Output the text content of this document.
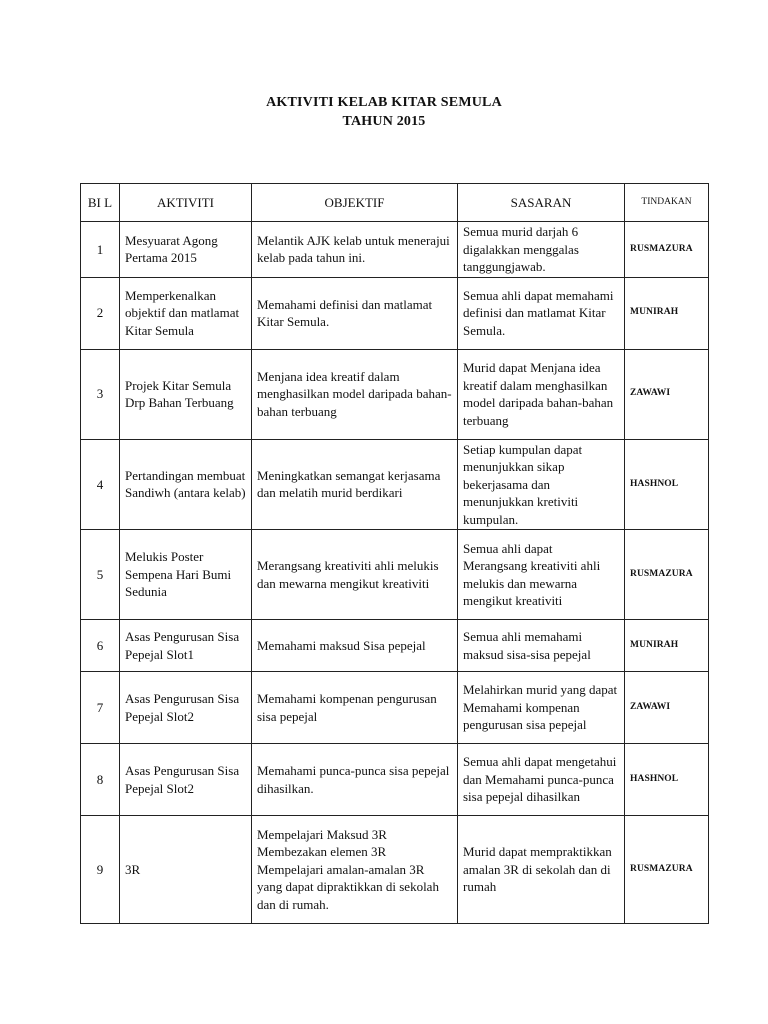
AKTIVITI KELAB KITAR SEMULA
TAHUN 2015
BI L	AKTIVITI	OBJEKTIF	SASARAN	TINDAKAN
1	Mesyuarat Agong Pertama 2015	Melantik AJK kelab untuk menerajui kelab pada tahun ini.	Semua murid darjah 6 digalakkan menggalas tanggungjawab.	RUSMAZURA
2	Memperkenalkan objektif dan matlamat Kitar Semula	Memahami definisi dan matlamat Kitar Semula.	Semua ahli dapat memahami definisi dan matlamat Kitar Semula.	MUNIRAH
3	Projek Kitar Semula Drp Bahan Terbuang	Menjana idea kreatif dalam menghasilkan model daripada bahan-bahan terbuang	Murid dapat Menjana idea kreatif dalam menghasilkan model daripada bahan-bahan terbuang	ZAWAWI
4	Pertandingan membuat Sandiwh (antara kelab)	Meningkatkan semangat kerjasama dan melatih murid berdikari	Setiap kumpulan dapat menunjukkan sikap bekerjasama dan menunjukkan kretiviti kumpulan.	HASHNOL
5	Melukis Poster Sempena Hari Bumi Sedunia	Merangsang kreativiti ahli melukis dan mewarna mengikut kreativiti	Semua ahli dapat Merangsang kreativiti ahli melukis dan mewarna mengikut kreativiti	RUSMAZURA
6	Asas Pengurusan Sisa Pepejal Slot1	Memahami maksud Sisa pepejal	Semua ahli memahami maksud sisa-sisa pepejal	MUNIRAH
7	Asas Pengurusan Sisa Pepejal Slot2	Memahami kompenan pengurusan sisa pepejal	Melahirkan murid yang dapat Memahami kompenan pengurusan sisa pepejal	ZAWAWI
8	Asas Pengurusan Sisa Pepejal Slot2	Memahami punca-punca sisa pepejal dihasilkan.	Semua ahli dapat mengetahui dan Memahami punca-punca sisa pepejal dihasilkan	HASHNOL
9	3R	Mempelajari Maksud 3R Membezakan elemen 3R Mempelajari amalan-amalan 3R yang dapat dipraktikkan di sekolah dan di rumah.	Murid dapat mempraktikkan amalan 3R di sekolah dan di rumah	RUSMAZURA
